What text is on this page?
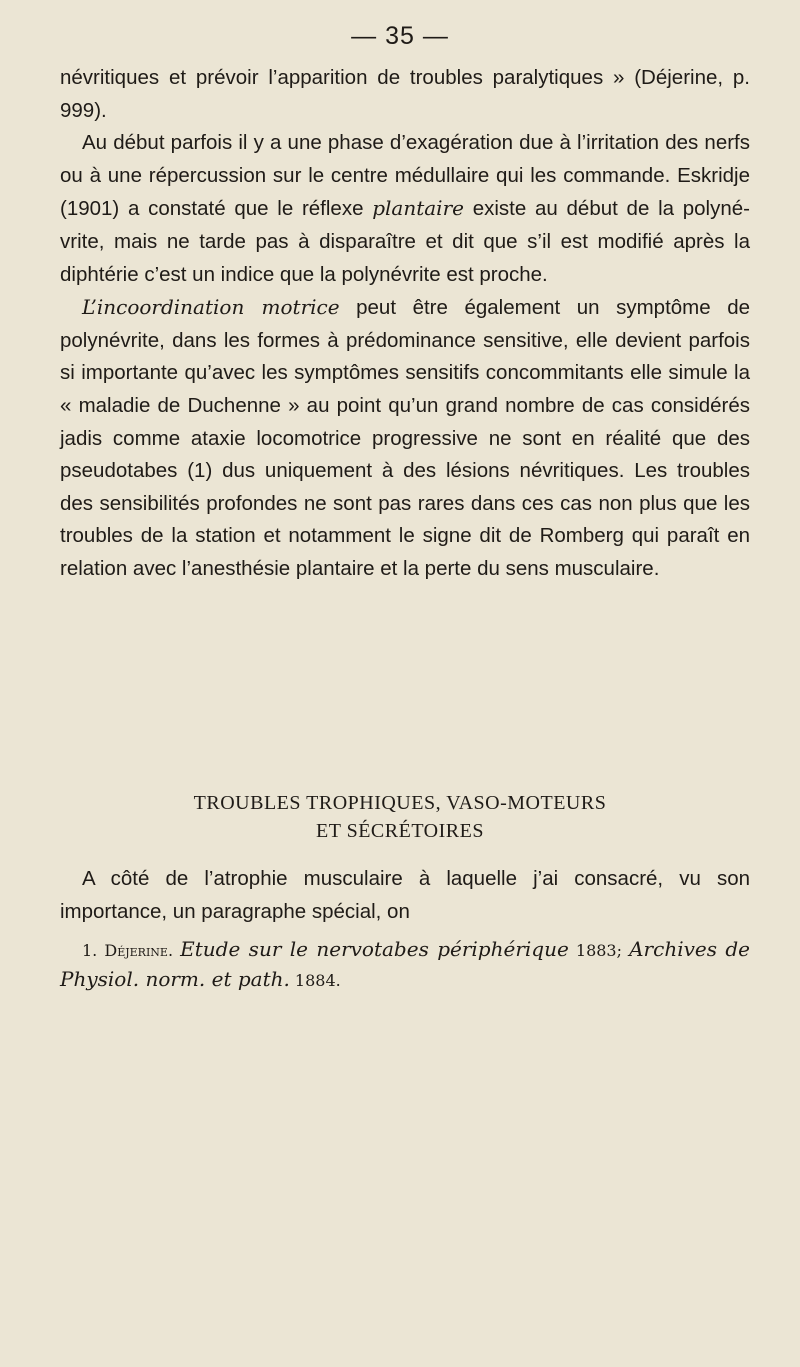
— 35 —

névritiques et prévoir l’apparition de troubles paralytiques » (Déjerine, p. 999).

Au début parfois il y a une phase d’exagération due à l’irritation des nerfs ou à une répercussion sur le centre médullaire qui les commande. Eskridje (1901) a constaté que le réflexe plantaire existe au début de la polynévrite, mais ne tarde pas à disparaître et dit que s’il est modifié après la diphtérie c’est un indice que la polynévrite est proche.

L’incoordination motrice peut être également un symptôme de polynévrite, dans les formes à prédominance sensitive, elle devient parfois si importante qu’avec les symptômes sensitifs concommitants elle simule la « maladie de Duchenne » au point qu’un grand nombre de cas considérés jadis comme ataxie locomotrice progressive ne sont en réalité que des pseudotabes (1) dus uniquement à des lésions névritiques. Les troubles des sensibilités profondes ne sont pas rares dans ces cas non plus que les troubles de la station et notamment le signe dit de Romberg qui paraît en relation avec l’anesthésie plantaire et la perte du sens musculaire.

TROUBLES TROPHIQUES, VASO-MOTEURS
ET SÉCRÉTOIRES

A côté de l’atrophie musculaire à laquelle j’ai consacré, vu son importance, un paragraphe spécial, on

1. Déjerine. Etude sur le nervotabes périphérique 1883; Archives de Physiol. norm. et path. 1884.
